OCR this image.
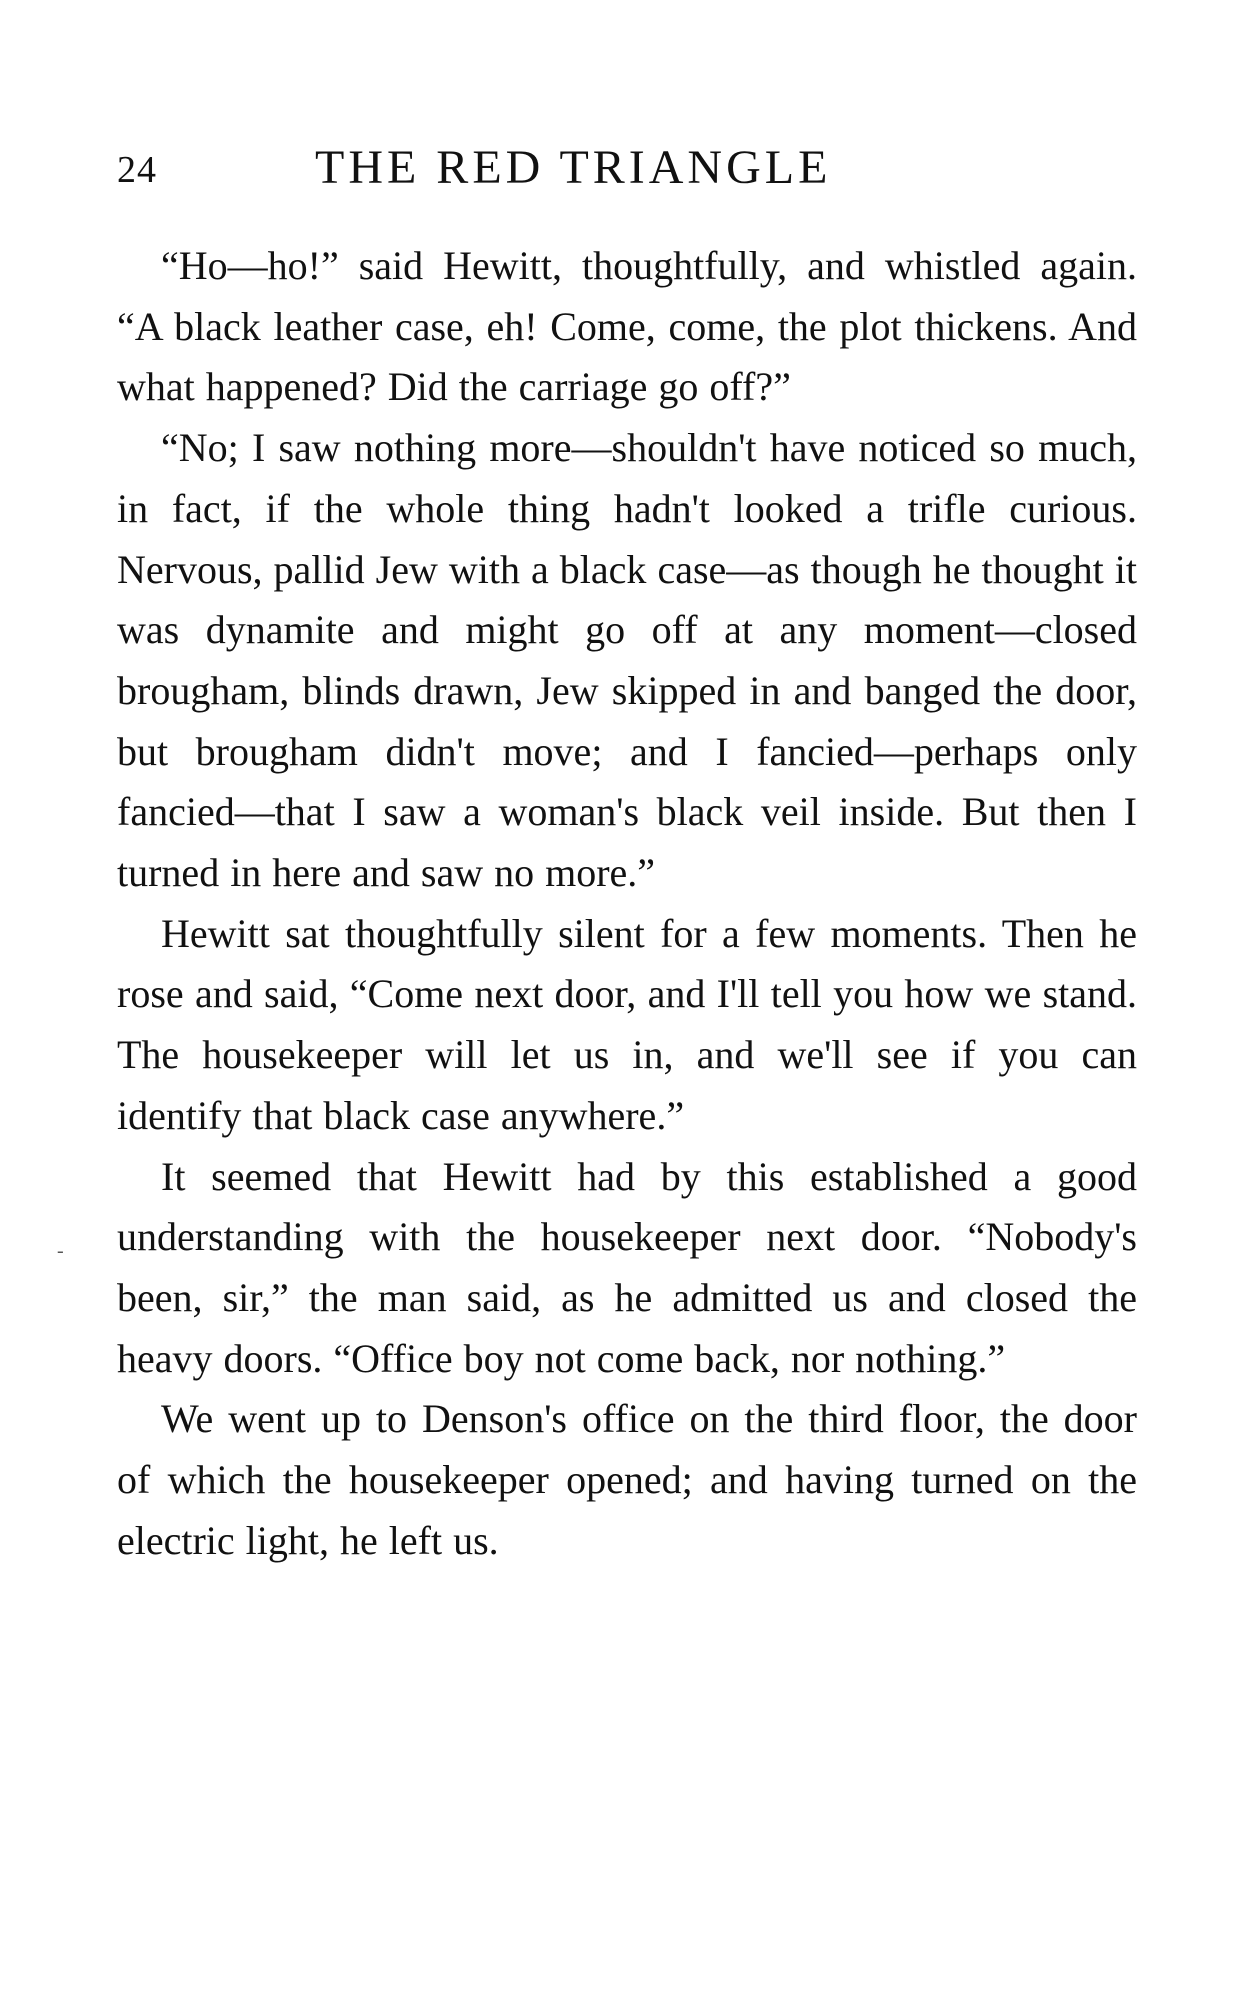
24	THE RED TRIANGLE

“Ho—ho!” said Hewitt, thoughtfully, and whistled again. “A black leather case, eh! Come, come, the plot thickens. And what happened? Did the carriage go off?”

“No; I saw nothing more—shouldn't have noticed so much, in fact, if the whole thing hadn't looked a trifle curious. Nervous, pallid Jew with a black case—as though he thought it was dynamite and might go off at any moment—closed brougham, blinds drawn, Jew skipped in and banged the door, but brougham didn't move; and I fancied—perhaps only fancied—that I saw a woman's black veil inside. But then I turned in here and saw no more.”

Hewitt sat thoughtfully silent for a few moments. Then he rose and said, “Come next door, and I'll tell you how we stand. The housekeeper will let us in, and we'll see if you can identify that black case anywhere.”

It seemed that Hewitt had by this established a good understanding with the housekeeper next door. “Nobody's been, sir,” the man said, as he admitted us and closed the heavy doors. “Office boy not come back, nor nothing.”

We went up to Denson's office on the third floor, the door of which the housekeeper opened; and having turned on the electric light, he left us.

-
